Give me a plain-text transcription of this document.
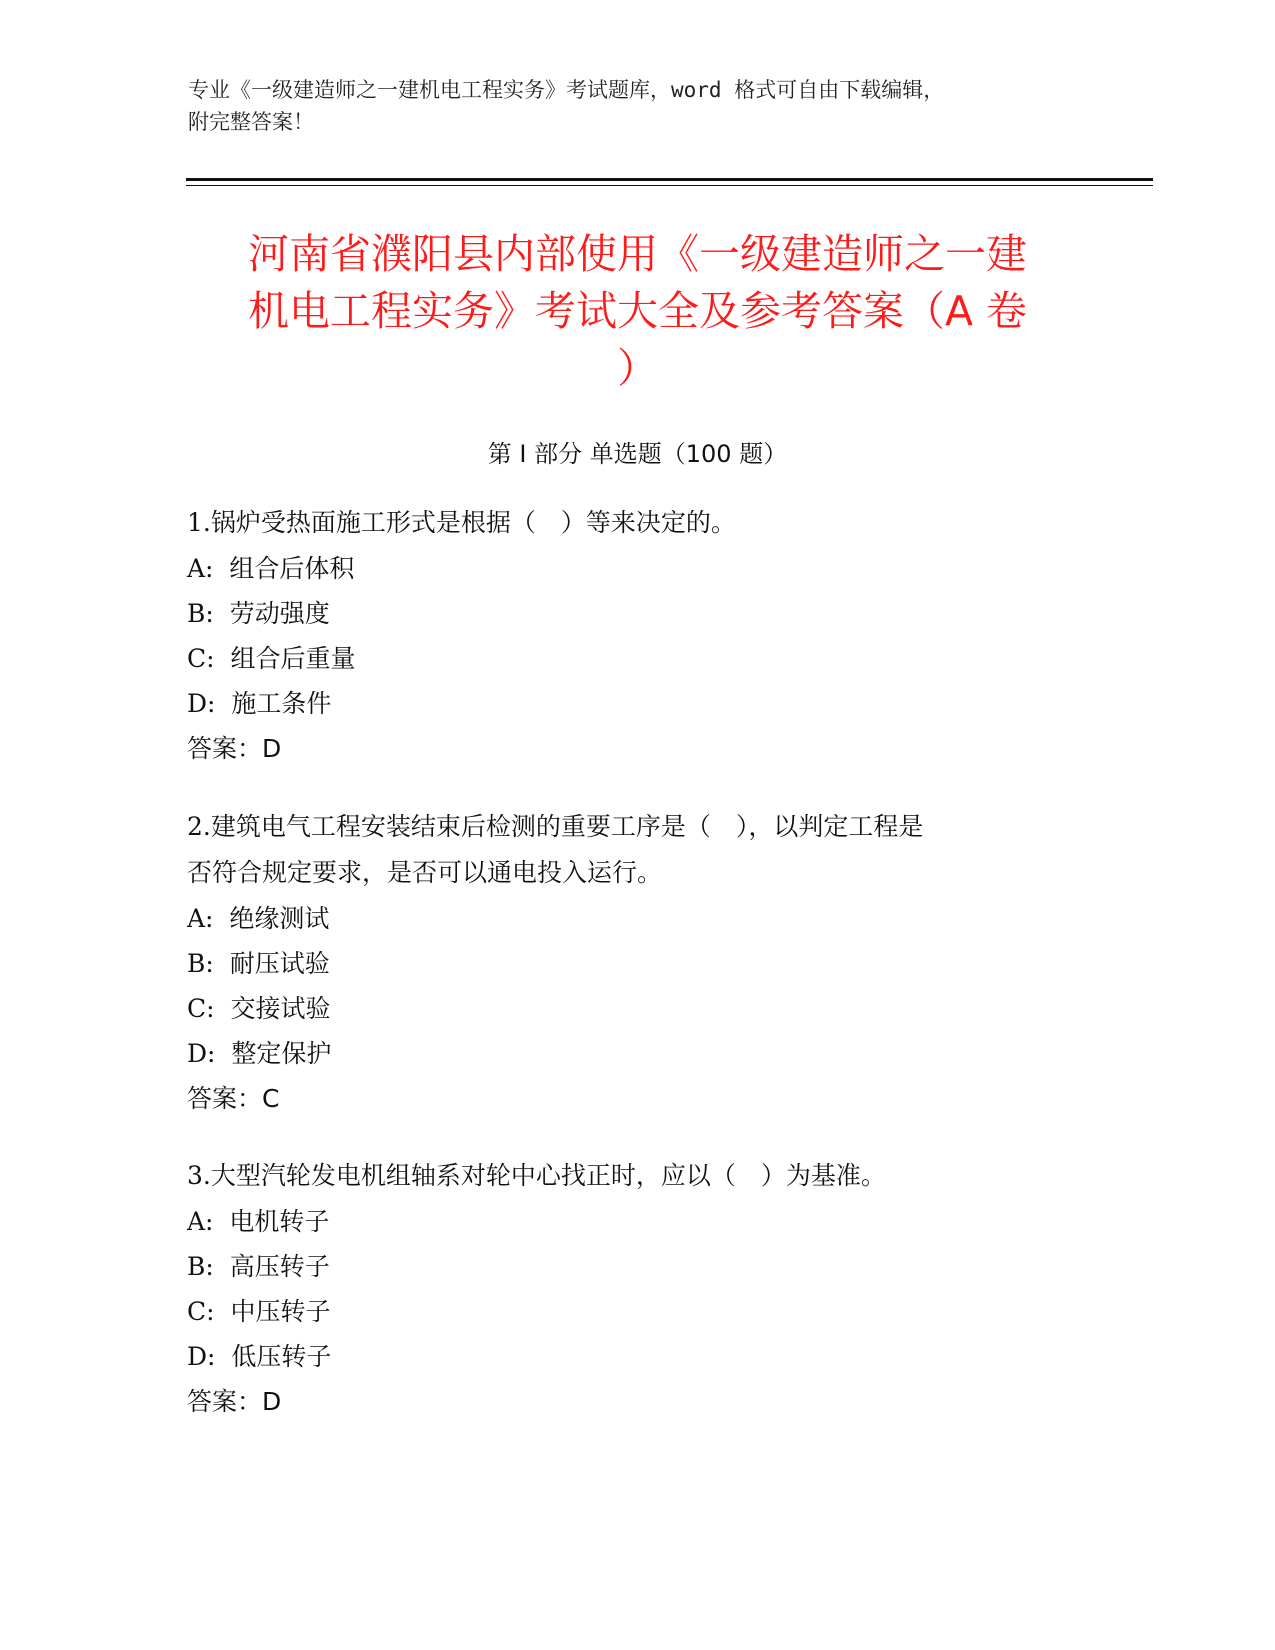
专业《一级建造师之一建机电工程实务》考试题库，word 格式可自由下载编辑，
附完整答案！
河南省濮阳县内部使用《一级建造师之一建
机电工程实务》考试大全及参考答案（A 卷
）
第 I 部分 单选题（100 题）

1.锅炉受热面施工形式是根据（　）等来决定的。

A:  组合后体积

B:  劳动强度

C:  组合后重量

D:  施工条件

答案：D

2.建筑电气工程安装结束后检测的重要工序是（　），以判定工程是

否符合规定要求，是否可以通电投入运行。

A:  绝缘测试

B:  耐压试验

C:  交接试验

D:  整定保护

答案：C

3.大型汽轮发电机组轴系对轮中心找正时，应以（　）为基准。

A:  电机转子

B:  高压转子

C:  中压转子

D:  低压转子

答案：D
